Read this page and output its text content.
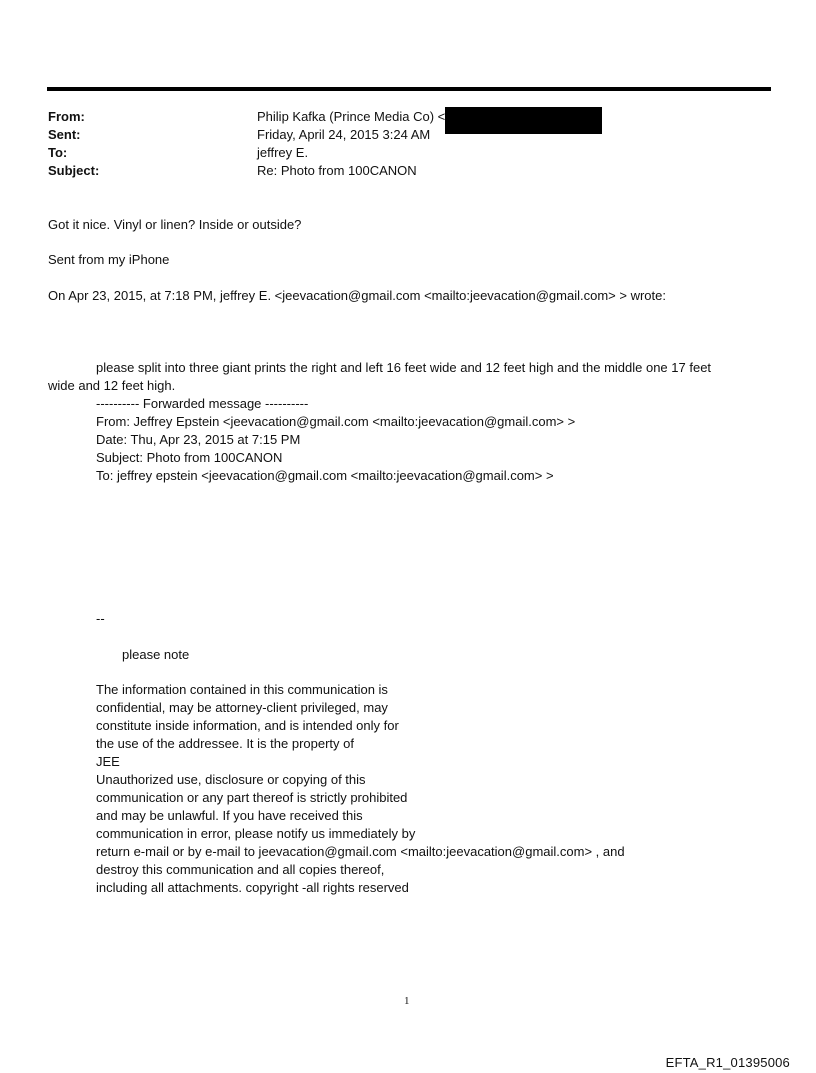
From:	Philip Kafka (Prince Media Co) <
Sent:	Friday, April 24, 2015 3:24 AM
To:	jeffrey E.
Subject:	Re: Photo from 100CANON
Got it nice. Vinyl or linen? Inside or outside?
Sent from my iPhone
On Apr 23, 2015, at 7:18 PM, jeffrey E. <jeevacation@gmail.com <mailto:jeevacation@gmail.com> > wrote:
please split into three giant prints the right and left 16 feet wide and 12 feet high and the middle one 17 feet
wide and 12 feet high.
---------- Forwarded message ----------
From: Jeffrey Epstein <jeevacation@gmail.com <mailto:jeevacation@gmail.com> >
Date: Thu, Apr 23, 2015 at 7:15 PM
Subject: Photo from 100CANON
To: jeffrey epstein <jeevacation@gmail.com <mailto:jeevacation@gmail.com> >
--
please note
The information contained in this communication is
confidential, may be attorney-client privileged, may
constitute inside information, and is intended only for
the use of the addressee. It is the property of
JEE
Unauthorized use, disclosure or copying of this
communication or any part thereof is strictly prohibited
and may be unlawful. If you have received this
communication in error, please notify us immediately by
return e-mail or by e-mail to jeevacation@gmail.com <mailto:jeevacation@gmail.com> , and
destroy this communication and all copies thereof,
including all attachments. copyright -all rights reserved
1
EFTA_R1_01395006
